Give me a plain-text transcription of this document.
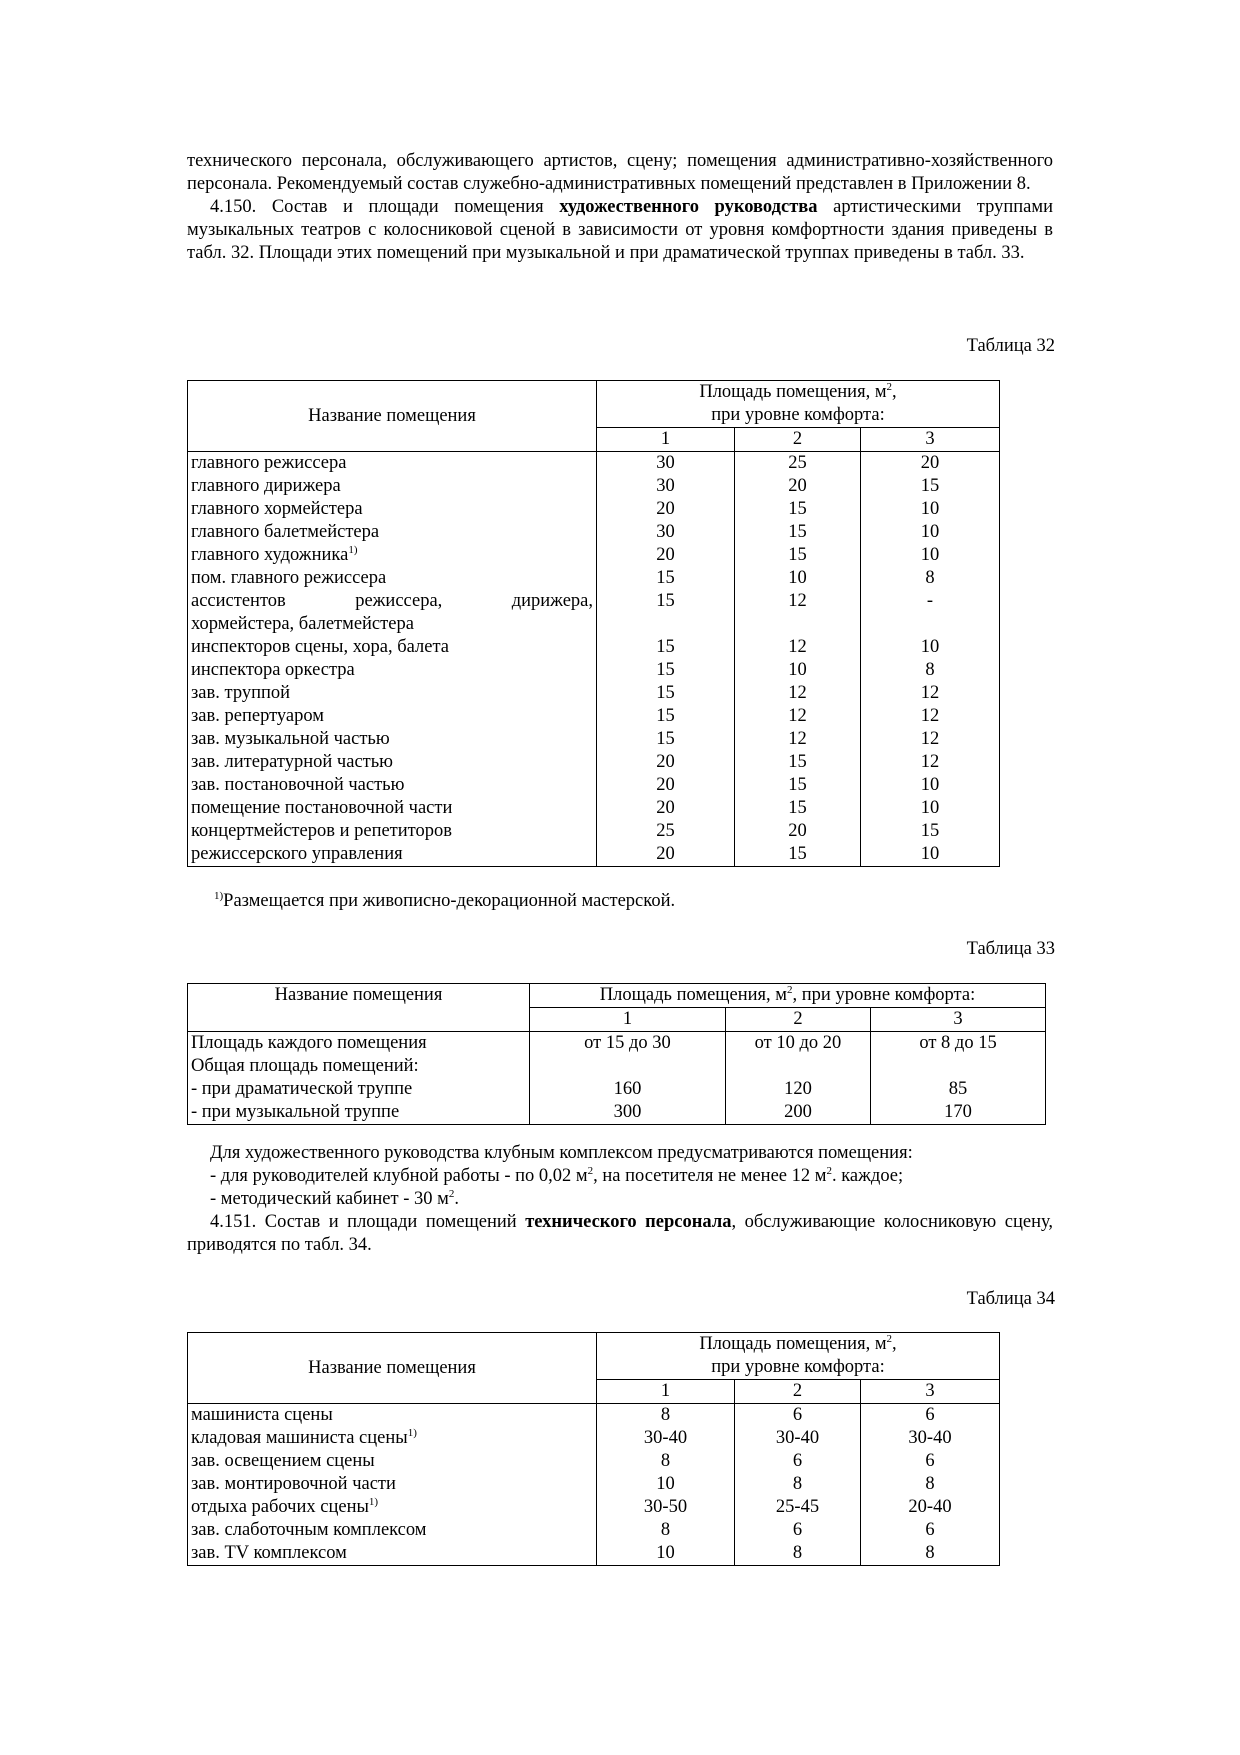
технического персонала, обслуживающего артистов, сцену; помещения административно-хозяйственного персонала. Рекомендуемый состав служебно-административных помещений представлен в Приложении 8.

4.150. Состав и площади помещения художественного руководства артистическими труппами музыкальных театров с колосниковой сценой в зависимости от уровня комфортности здания приведены в табл. 32. Площади этих помещений при музыкальной и при драматической труппах приведены в табл. 33.

Таблица 32
Название помещения	Площадь помещения, $м^2$,
при уровне комфорта:		
	1	2	3
главного режиссера	30	25	20
главного дирижера	30	20	15
главного хормейстера	20	15	10
главного балетмейстера	30	15	10
главного художника$^{1)}$	20	15	10
пом. главного режиссера	15	10	8

ассистентов режиссера, дирижера,
хормейстера, балетмейстера	15	12	-
инспекторов сцены, хора, балета	15	12	10
инспектора оркестра	15	10	8
зав. труппой	15	12	12
зав. репертуаром	15	12	12
зав. музыкальной частью	15	12	12
зав. литературной частью	20	15	12
зав. постановочной частью	20	15	10
помещение постановочной части	20	15	10
концертмейстеров и репетиторов	25	20	15
режиссерского управления	20	15	10
$^{1)}$Размещается при живописно-декорационной мастерской.
Таблица 33
Название помещения	Площадь помещения, $м^2$, при уровне комфорта:		
	1	2	3
Площадь каждого помещения	от 15 до 30	от 10 до 20	от 8 до 15
Общая площадь помещений:			
- при драматической труппе	160	120	85
- при музыкальной труппе	300	200	170

Для художественного руководства клубным комплексом предусматриваются помещения:

- для руководителей клубной работы - по 0,02 $м^2$, на посетителя не менее 12 $м^2$. каждое;

- методический кабинет - 30 $м^2$.

4.151. Состав и площади помещений технического персонала, обслуживающие колосниковую сцену, приводятся по табл. 34.

Таблица 34
Название помещения	Площадь помещения, $м^2$,
при уровне комфорта:		
	1	2	3
машиниста сцены	8	6	6
кладовая машиниста сцены$^{1)}$	30-40	30-40	30-40
зав. освещением сцены	8	6	6
зав. монтировочной части	10	8	8
отдыха рабочих сцены$^{1)}$	30-50	25-45	20-40
зав. слаботочным комплексом	8	6	6
зав. TV комплексом	10	8	8
